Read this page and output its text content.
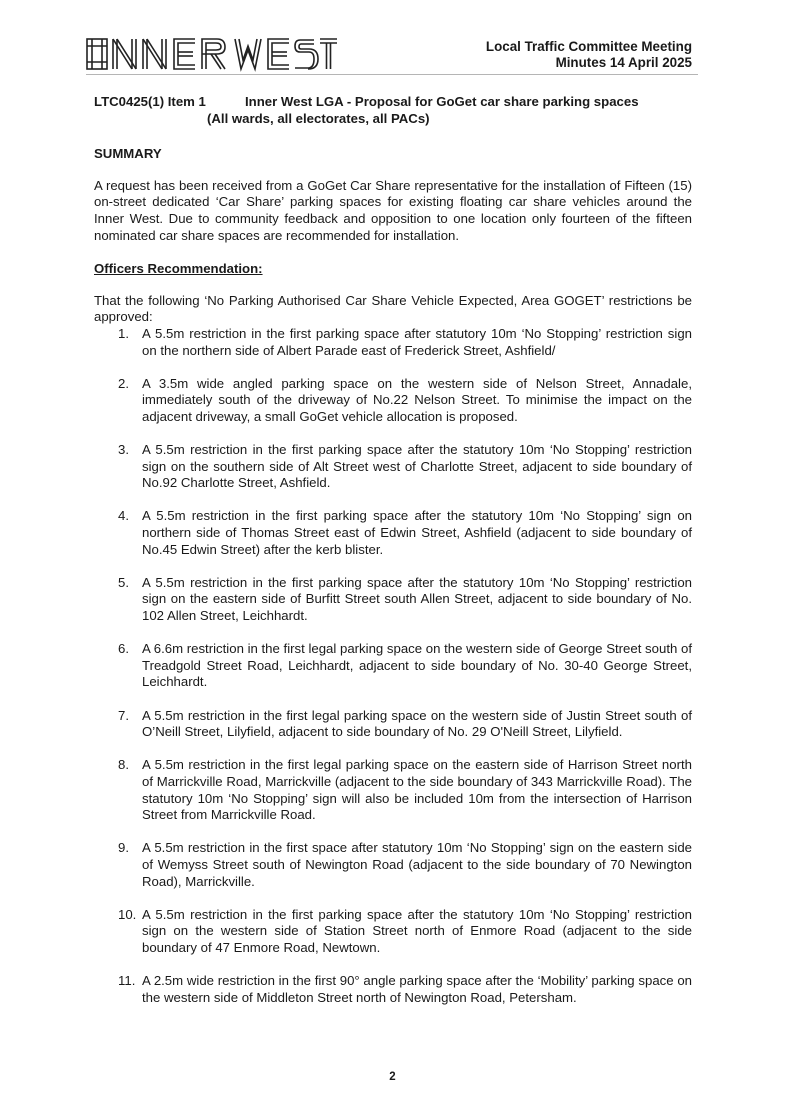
Local Traffic Committee Meeting
Minutes 14 April 2025
LTC0425(1) Item 1	Inner West LGA - Proposal for GoGet car share parking spaces
(All wards, all electorates, all PACs)
SUMMARY

A request has been received from a GoGet Car Share representative for the installation of Fifteen (15) on-street dedicated ‘Car Share’ parking spaces for existing floating car share vehicles around the Inner West. Due to community feedback and opposition to one location only fourteen of the fifteen nominated car share spaces are recommended for installation.

Officers Recommendation:

That the following ‘No Parking Authorised Car Share Vehicle Expected, Area GOGET’ restrictions be approved:

1. A 5.5m restriction in the first parking space after statutory 10m ‘No Stopping’ restriction sign on the northern side of Albert Parade east of Frederick Street, Ashfield/
2. A 3.5m wide angled parking space on the western side of Nelson Street, Annadale, immediately south of the driveway of No.22 Nelson Street. To minimise the impact on the adjacent driveway, a small GoGet vehicle allocation is proposed.
3. A 5.5m restriction in the first parking space after the statutory 10m ‘No Stopping’ restriction sign on the southern side of Alt Street west of Charlotte Street, adjacent to side boundary of No.92 Charlotte Street, Ashfield.
4. A 5.5m restriction in the first parking space after the statutory 10m ‘No Stopping’ sign on northern side of Thomas Street east of Edwin Street, Ashfield (adjacent to side boundary of No.45 Edwin Street) after the kerb blister.
5. A 5.5m restriction in the first parking space after the statutory 10m ‘No Stopping’ restriction sign on the eastern side of Burfitt Street south Allen Street, adjacent to side boundary of No. 102 Allen Street, Leichhardt.
6. A 6.6m restriction in the first legal parking space on the western side of George Street south of Treadgold Street Road, Leichhardt, adjacent to side boundary of No. 30-40 George Street, Leichhardt.
7. A 5.5m restriction in the first legal parking space on the western side of Justin Street south of O’Neill Street, Lilyfield, adjacent to side boundary of No. 29 O'Neill Street, Lilyfield.
8. A 5.5m restriction in the first legal parking space on the eastern side of Harrison Street north of Marrickville Road, Marrickville (adjacent to the side boundary of 343 Marrickville Road). The statutory 10m ‘No Stopping’ sign will also be included 10m from the intersection of Harrison Street from Marrickville Road.
9. A 5.5m restriction in the first space after statutory 10m ‘No Stopping’ sign on the eastern side of Wemyss Street south of Newington Road (adjacent to the side boundary of 70 Newington Road), Marrickville.
10. A 5.5m restriction in the first parking space after the statutory 10m ‘No Stopping’ restriction sign on the western side of Station Street north of Enmore Road (adjacent to the side boundary of 47 Enmore Road, Newtown.
11. A 2.5m wide restriction in the first 90° angle parking space after the ‘Mobility’ parking space on the western side of Middleton Street north of Newington Road, Petersham.
2
